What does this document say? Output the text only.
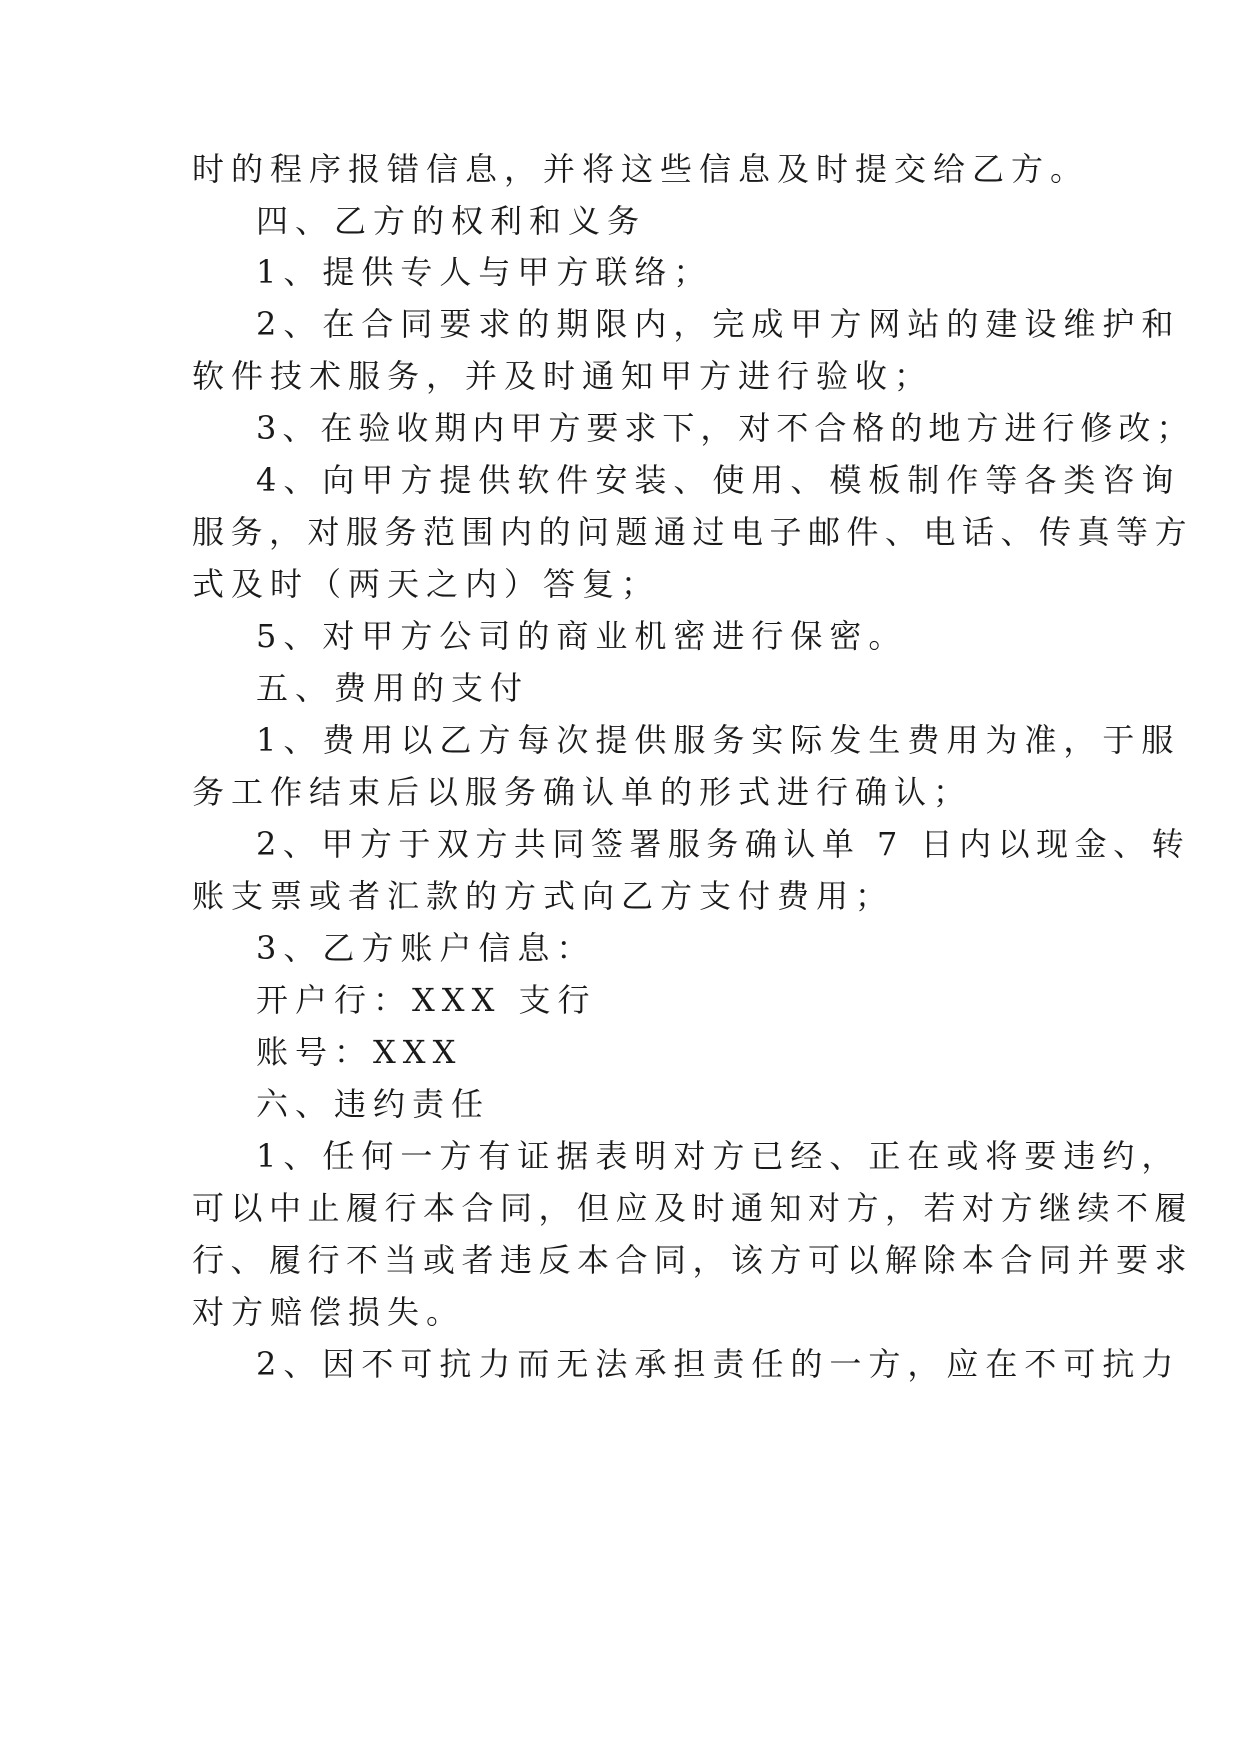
时的程序报错信息，并将这些信息及时提交给乙方。
四、乙方的权利和义务
1、提供专人与甲方联络；
2、在合同要求的期限内，完成甲方网站的建设维护和
软件技术服务，并及时通知甲方进行验收；
3、在验收期内甲方要求下，对不合格的地方进行修改；
4、向甲方提供软件安装、使用、模板制作等各类咨询
服务，对服务范围内的问题通过电子邮件、电话、传真等方
式及时（两天之内）答复；
5、对甲方公司的商业机密进行保密。
五、费用的支付
1、费用以乙方每次提供服务实际发生费用为准，于服
务工作结束后以服务确认单的形式进行确认；
2、甲方于双方共同签署服务确认单 7 日内以现金、转
账支票或者汇款的方式向乙方支付费用；
3、乙方账户信息：
开户行：XXX 支行
账号：XXX
六、违约责任
1、任何一方有证据表明对方已经、正在或将要违约，
可以中止履行本合同，但应及时通知对方，若对方继续不履
行、履行不当或者违反本合同，该方可以解除本合同并要求
对方赔偿损失。
2、因不可抗力而无法承担责任的一方，应在不可抗力
